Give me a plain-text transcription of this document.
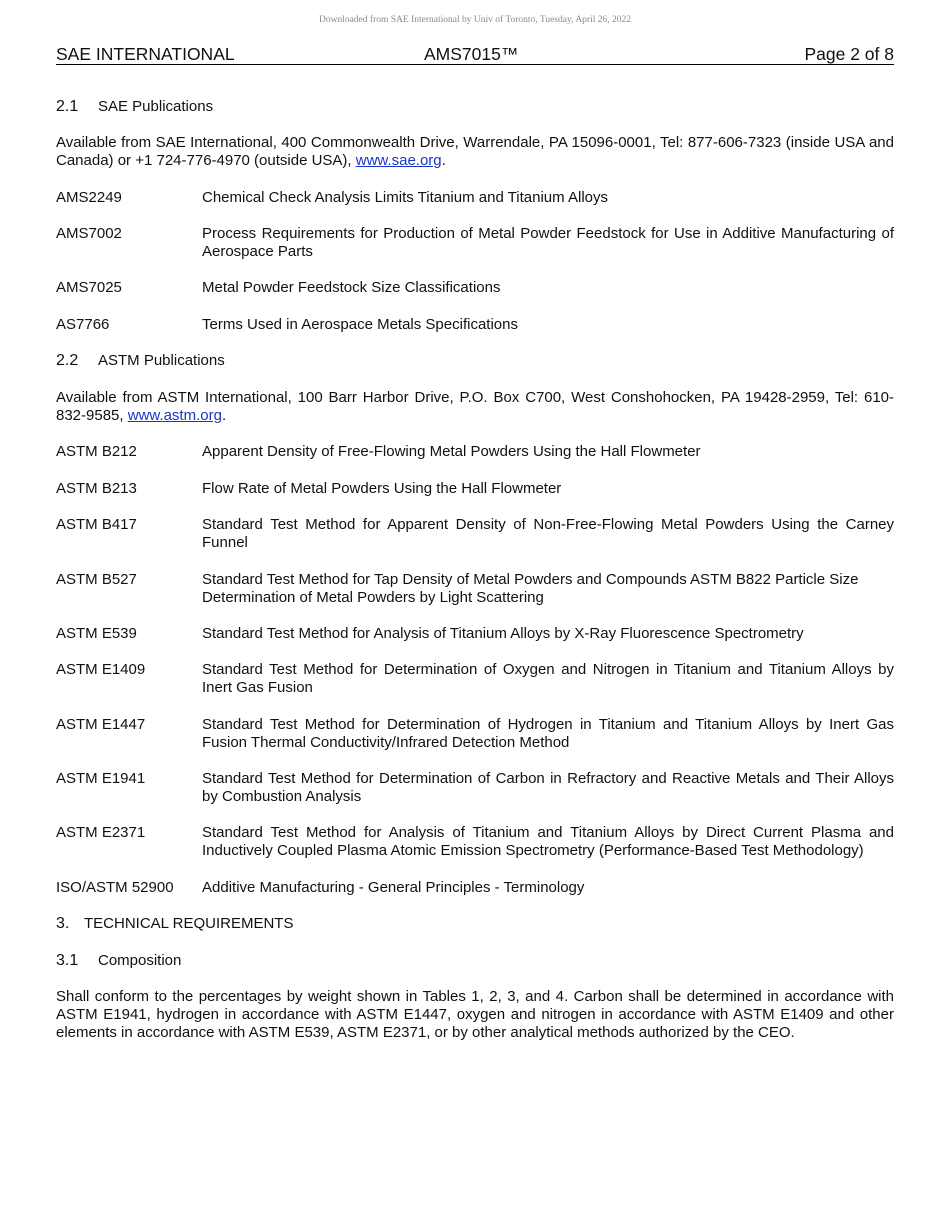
Downloaded from SAE International by Univ of Toronto, Tuesday, April 26, 2022
SAE INTERNATIONAL	AMS7015™	Page 2 of 8
2.1	SAE Publications
Available from SAE International, 400 Commonwealth Drive, Warrendale, PA 15096-0001, Tel: 877-606-7323 (inside USA and Canada) or +1 724-776-4970 (outside USA), www.sae.org.
AMS2249	Chemical Check Analysis Limits Titanium and Titanium Alloys
AMS7002	Process Requirements for Production of Metal Powder Feedstock for Use in Additive Manufacturing of Aerospace Parts
AMS7025	Metal Powder Feedstock Size Classifications
AS7766	Terms Used in Aerospace Metals Specifications
2.2	ASTM Publications
Available from ASTM International, 100 Barr Harbor Drive, P.O. Box C700, West Conshohocken, PA 19428-2959, Tel: 610-832-9585, www.astm.org.
ASTM B212	Apparent Density of Free-Flowing Metal Powders Using the Hall Flowmeter
ASTM B213	Flow Rate of Metal Powders Using the Hall Flowmeter
ASTM B417	Standard Test Method for Apparent Density of Non-Free-Flowing Metal Powders Using the Carney Funnel
ASTM B527	Standard Test Method for Tap Density of Metal Powders and Compounds ASTM B822 Particle Size Determination of Metal Powders by Light Scattering
ASTM E539	Standard Test Method for Analysis of Titanium Alloys by X-Ray Fluorescence Spectrometry
ASTM E1409	Standard Test Method for Determination of Oxygen and Nitrogen in Titanium and Titanium Alloys by Inert Gas Fusion
ASTM E1447	Standard Test Method for Determination of Hydrogen in Titanium and Titanium Alloys by Inert Gas Fusion Thermal Conductivity/Infrared Detection Method
ASTM E1941	Standard Test Method for Determination of Carbon in Refractory and Reactive Metals and Their Alloys by Combustion Analysis
ASTM E2371	Standard Test Method for Analysis of Titanium and Titanium Alloys by Direct Current Plasma and Inductively Coupled Plasma Atomic Emission Spectrometry (Performance-Based Test Methodology)
ISO/ASTM 52900	Additive Manufacturing - General Principles - Terminology
3. TECHNICAL REQUIREMENTS
3.1	Composition
Shall conform to the percentages by weight shown in Tables 1, 2, 3, and 4. Carbon shall be determined in accordance with ASTM E1941, hydrogen in accordance with ASTM E1447, oxygen and nitrogen in accordance with ASTM E1409 and other elements in accordance with ASTM E539, ASTM E2371, or by other analytical methods authorized by the CEO.
